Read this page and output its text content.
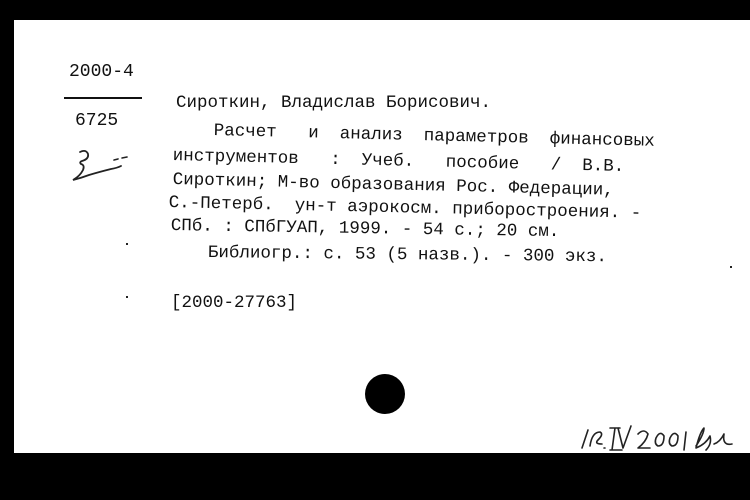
2000-4
6725
Сироткин, Владислав Борисович.
Расчет   и  анализ  параметров  финансовых
инструментов   :  Учеб.   пособие   /  В.В.
Сироткин; М-во образования Рос. Федерации,
С.-Петерб.  ун-т аэрокосм. приборостроения. -
СПб. : СПбГУАП, 1999. - 54 с.; 20 см.
Библиогр.: с. 53 (5 назв.). - 300 экз.
[2000-27763]
